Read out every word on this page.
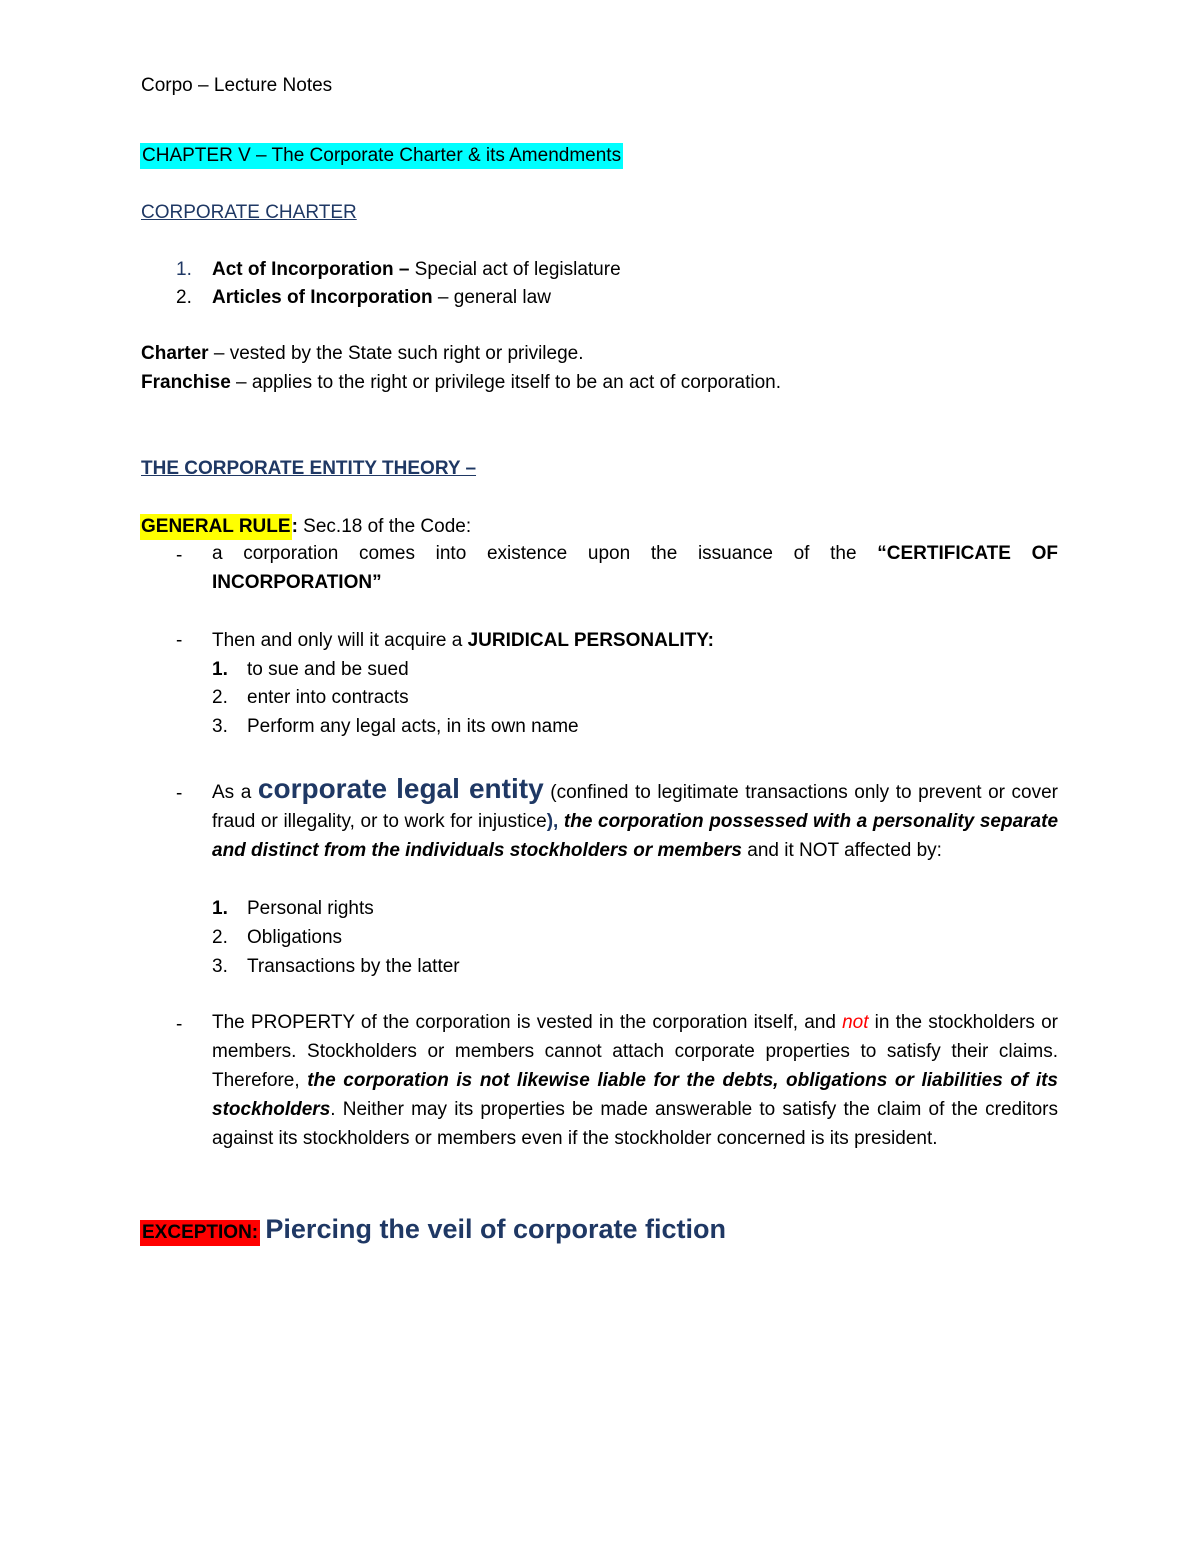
Corpo – Lecture Notes
CHAPTER V – The Corporate Charter & its Amendments
CORPORATE CHARTER
1. Act of Incorporation – Special act of legislature
2. Articles of Incorporation – general law
Charter – vested by the State such right or privilege.
Franchise – applies to the right or privilege itself to be an act of corporation.
THE CORPORATE ENTITY THEORY –
GENERAL RULE: Sec.18 of the Code:
- a corporation comes into existence upon the issuance of the “CERTIFICATE OF INCORPORATION”
- Then and only will it acquire a JURIDICAL PERSONALITY:
1. to sue and be sued
2. enter into contracts
3. Perform any legal acts, in its own name
- As a corporate legal entity (confined to legitimate transactions only to prevent or cover fraud or illegality, or to work for injustice), the corporation possessed with a personality separate and distinct from the individuals stockholders or members and it NOT affected by:
1. Personal rights
2. Obligations
3. Transactions by the latter
- The PROPERTY of the corporation is vested in the corporation itself, and not in the stockholders or members. Stockholders or members cannot attach corporate properties to satisfy their claims. Therefore, the corporation is not likewise liable for the debts, obligations or liabilities of its stockholders. Neither may its properties be made answerable to satisfy the claim of the creditors against its stockholders or members even if the stockholder concerned is its president.
EXCEPTION: Piercing the veil of corporate fiction
